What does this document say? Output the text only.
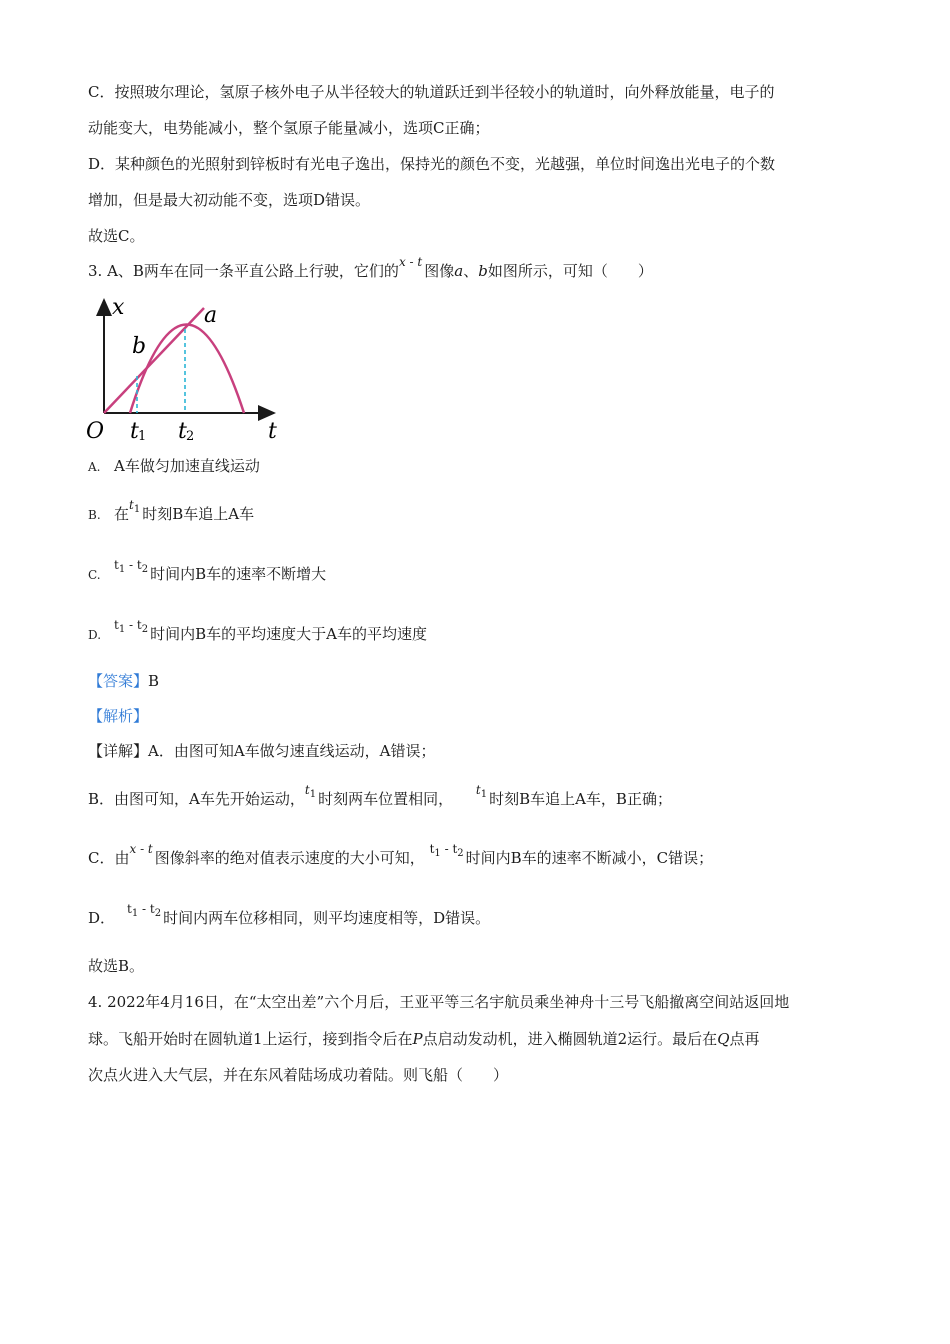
C．按照玻尔理论，氢原子核外电子从半径较大的轨道跃迁到半径较小的轨道时，向外释放能量，电子的
动能变大，电势能减小，整个氢原子能量减小，选项C正确；
D．某种颜色的光照射到锌板时有光电子逸出，保持光的颜色不变，光越强，单位时间逸出光电子的个数
增加，但是最大初动能不变，选项D错误。
故选C。
3. A、B两车在同一条平直公路上行驶，它们的$^{x - t}$ 图像a、b如图所示，可知（　　）
x
t
O
a
b
t 1 t 2
A. A车做匀加速直线运动
B. 在$^{t_1}$ 时刻B车追上A车
C.$^{t_1 - t_2}$ 时间内B车的速率不断增大
D.$^{t_1 - t_2}$ 时间内B车的平均速度大于A车的平均速度
【答案】B
【解析】
【详解】A．由图可知A车做匀速直线运动，A错误；
B．由图可知，A车先开始运动，$^{t_1}$ 时刻两车位置相同， $^{t_1}$ 时刻B车追上A车，B正确；
C．由$^{x - t}$ 图像斜率的绝对值表示速度的大小可知， $^{t_1 - t_2}$ 时间内B车的速率不断减小，C错误；
D． $^{t_1 - t_2}$ 时间内两车位移相同，则平均速度相等，D错误。
故选B。
4. 2022年4月16日，在“太空出差”六个月后，王亚平等三名宇航员乘坐神舟十三号飞船撤离空间站返回地
球。飞船开始时在圆轨道1上运行，接到指令后在P点启动发动机，进入椭圆轨道2运行。最后在Q点再
次点火进入大气层，并在东风着陆场成功着陆。则飞船（　　）
